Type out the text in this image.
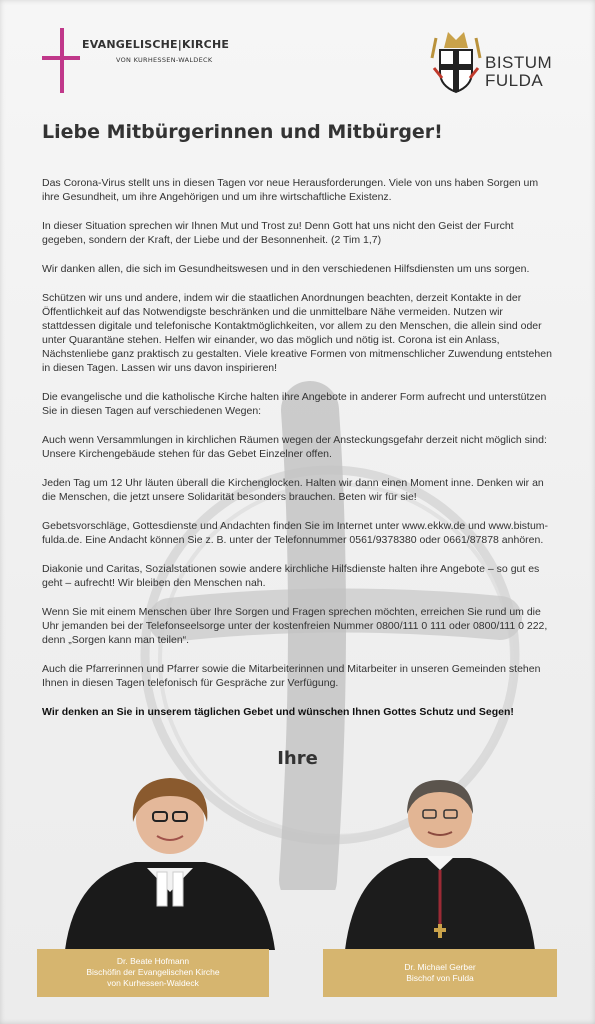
EVANGELISCHE|KIRCHE
VON KURHESSEN-WALDECK	BISTUM
FULDA
Liebe Mitbürgerinnen und Mitbürger!

Das Corona-Virus stellt uns in diesen Tagen vor neue Herausforderungen. Viele von uns haben Sorgen um ihre Gesundheit, um ihre Angehörigen und um ihre wirtschaftliche Existenz.

In dieser Situation sprechen wir Ihnen Mut und Trost zu! Denn Gott hat uns nicht den Geist der Furcht gegeben, sondern der Kraft, der Liebe und der Besonnenheit. (2 Tim 1,7)

Wir danken allen, die sich im Gesundheitswesen und in den verschiedenen Hilfsdiensten um uns sorgen.

Schützen wir uns und andere, indem wir die staatlichen Anordnungen beachten, derzeit Kontakte in der Öffentlichkeit auf das Notwendigste beschränken und die unmittelbare Nähe vermeiden. Nutzen wir stattdessen digitale und telefonische Kontaktmöglichkeiten, vor allem zu den Menschen, die allein sind oder unter Quarantäne stehen. Helfen wir einander, wo das möglich und nötig ist. Corona ist ein Anlass, Nächstenliebe ganz praktisch zu gestalten. Viele kreative Formen von mitmenschlicher Zuwendung entstehen in diesen Tagen. Lassen wir uns davon inspirieren!

Die evangelische und die katholische Kirche halten ihre Angebote in anderer Form aufrecht und unterstützen Sie in diesen Tagen auf verschiedenen Wegen:

Auch wenn Versammlungen in kirchlichen Räumen wegen der Ansteckungsgefahr derzeit nicht möglich sind: Unsere Kirchengebäude stehen für das Gebet Einzelner offen.

Jeden Tag um 12 Uhr läuten überall die Kirchenglocken. Halten wir dann einen Moment inne. Denken wir an die Menschen, die jetzt unsere Solidarität besonders brauchen. Beten wir für sie!

Gebetsvorschläge, Gottesdienste und Andachten finden Sie im Internet unter www.ekkw.de und www.bistum-fulda.de. Eine Andacht können Sie z. B. unter der Telefonnummer 0561/9378380 oder 0661/87878 anhören.

Diakonie und Caritas, Sozialstationen sowie andere kirchliche Hilfsdienste halten ihre Angebote – so gut es geht – aufrecht! Wir bleiben den Menschen nah.

Wenn Sie mit einem Menschen über Ihre Sorgen und Fragen sprechen möchten, erreichen Sie rund um die Uhr jemanden bei der Telefonseelsorge unter der kostenfreien Nummer 0800/111 0 111 oder 0800/111 0 222, denn „Sorgen kann man teilen“.

Auch die Pfarrerinnen und Pfarrer sowie die Mitarbeiterinnen und Mitarbeiter in unseren Gemeinden stehen Ihnen in diesen Tagen telefonisch für Gespräche zur Verfügung.

Wir denken an Sie in unserem täglichen Gebet und wünschen Ihnen Gottes Schutz und Segen!

Ihre
Dr. Beate Hofmann
Bischöfin der Evangelischen Kirche
von Kurhessen-Waldeck
Dr. Michael Gerber
Bischof von Fulda
